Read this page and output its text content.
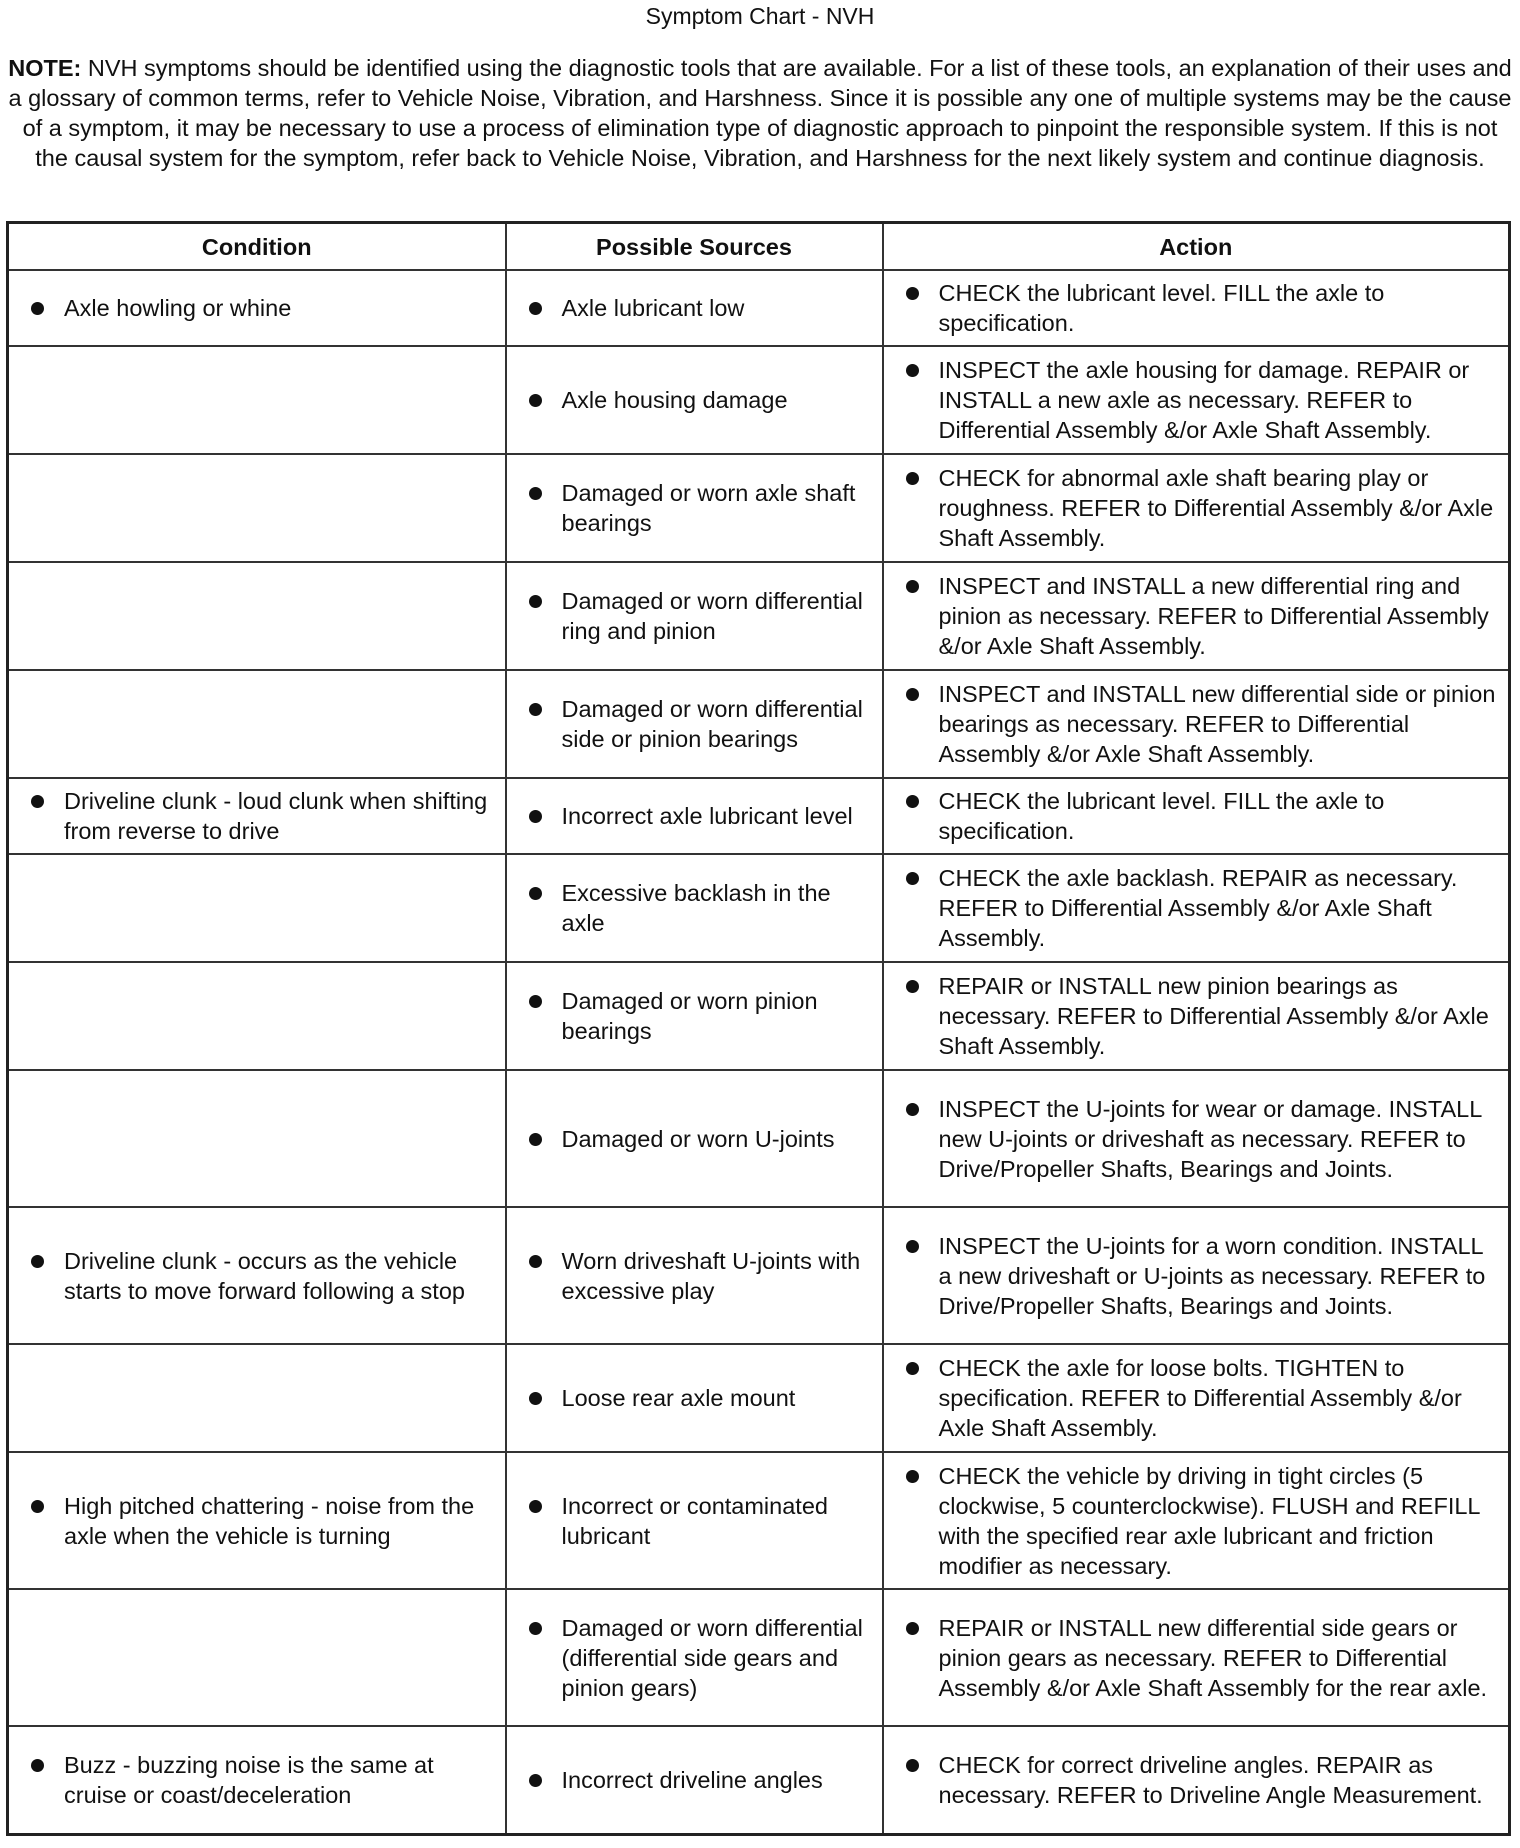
Symptom Chart - NVH
NOTE: NVH symptoms should be identified using the diagnostic tools that are available. For a list of these tools, an explanation of their uses and a glossary of common terms, refer to Vehicle Noise, Vibration, and Harshness. Since it is possible any one of multiple systems may be the cause of a symptom, it may be necessary to use a process of elimination type of diagnostic approach to pinpoint the responsible system. If this is not the causal system for the symptom, refer back to Vehicle Noise, Vibration, and Harshness for the next likely system and continue diagnosis.
Condition	Possible Sources	Action

Axle howling or whine	Axle lubricant low	CHECK the lubricant level. FILL the axle to specification.

	Axle housing damage	INSPECT the axle housing for damage. REPAIR or INSTALL a new axle as necessary. REFER to Differential Assembly &/or Axle Shaft Assembly.

	Damaged or worn axle shaft bearings	CHECK for abnormal axle shaft bearing play or roughness. REFER to Differential Assembly &/or Axle Shaft Assembly.

	Damaged or worn differential ring and pinion	INSPECT and INSTALL a new differential ring and pinion as necessary. REFER to Differential Assembly &/or Axle Shaft Assembly.

	Damaged or worn differential side or pinion bearings	INSPECT and INSTALL new differential side or pinion bearings as necessary. REFER to Differential Assembly &/or Axle Shaft Assembly.

Driveline clunk - loud clunk when shifting from reverse to drive	Incorrect axle lubricant level	CHECK the lubricant level. FILL the axle to specification.

	Excessive backlash in the axle	CHECK the axle backlash. REPAIR as necessary. REFER to Differential Assembly &/or Axle Shaft Assembly.

	Damaged or worn pinion bearings	REPAIR or INSTALL new pinion bearings as necessary. REFER to Differential Assembly &/or Axle Shaft Assembly.

	Damaged or worn U-joints	INSPECT the U-joints for wear or damage. INSTALL new U-joints or driveshaft as necessary. REFER to Drive/Propeller Shafts, Bearings and Joints.

Driveline clunk - occurs as the vehicle starts to move forward following a stop	Worn driveshaft U-joints with excessive play	INSPECT the U-joints for a worn condition. INSTALL a new driveshaft or U-joints as necessary. REFER to Drive/Propeller Shafts, Bearings and Joints.

	Loose rear axle mount	CHECK the axle for loose bolts. TIGHTEN to specification. REFER to Differential Assembly &/or Axle Shaft Assembly.

High pitched chattering - noise from the axle when the vehicle is turning	Incorrect or contaminated lubricant	CHECK the vehicle by driving in tight circles (5 clockwise, 5 counterclockwise). FLUSH and REFILL with the specified rear axle lubricant and friction modifier as necessary.

	Damaged or worn differential (differential side gears and pinion gears)	REPAIR or INSTALL new differential side gears or pinion gears as necessary. REFER to Differential Assembly &/or Axle Shaft Assembly for the rear axle.

Buzz - buzzing noise is the same at cruise or coast/deceleration	Incorrect driveline angles	CHECK for correct driveline angles. REPAIR as necessary. REFER to Driveline Angle Measurement.
